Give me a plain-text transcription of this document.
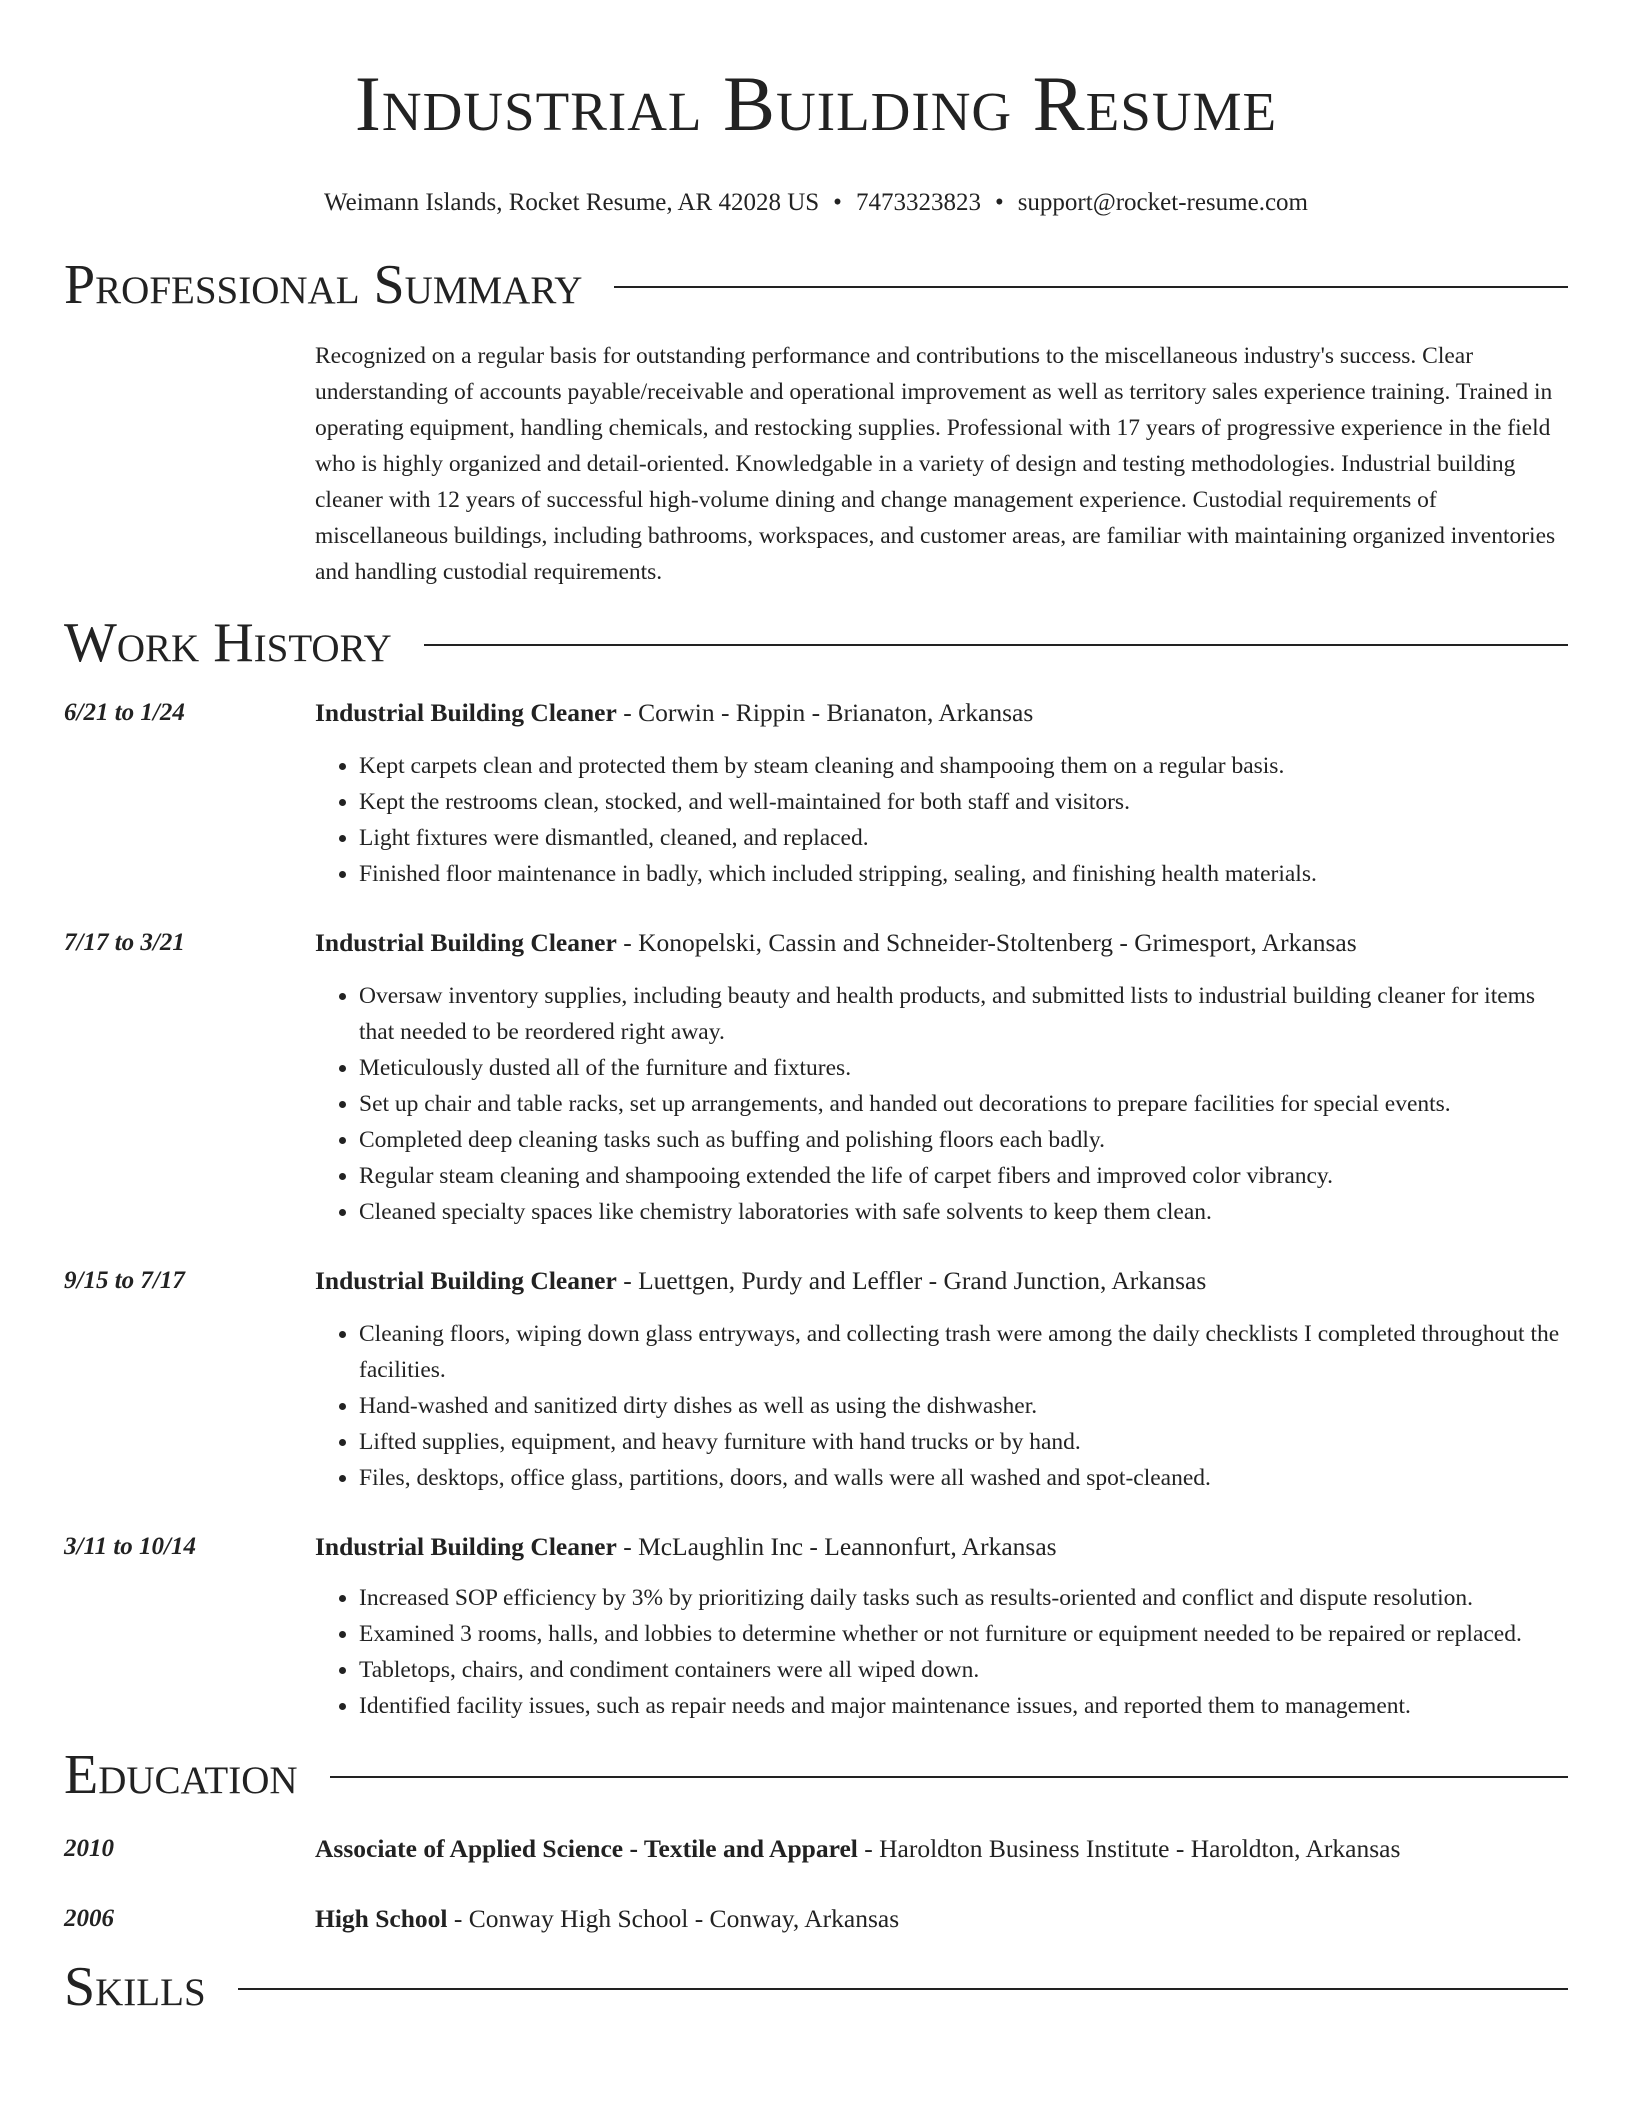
Industrial Building Resume
Weimann Islands, Rocket Resume, AR 42028 US • 7473323823 • support@rocket-resume.com
Professional Summary

Recognized on a regular basis for outstanding performance and contributions to the miscellaneous industry's success. Clear understanding of accounts payable/receivable and operational improvement as well as territory sales experience training. Trained in operating equipment, handling chemicals, and restocking supplies. Professional with 17 years of progressive experience in the field who is highly organized and detail-oriented. Knowledgable in a variety of design and testing methodologies. Industrial building cleaner with 12 years of successful high-volume dining and change management experience. Custodial requirements of miscellaneous buildings, including bathrooms, workspaces, and customer areas, are familiar with maintaining organized inventories and handling custodial requirements.

Work History
6/21 to 1/24	Industrial Building Cleaner - Corwin - Rippin - Brianaton, Arkansas
• Kept carpets clean and protected them by steam cleaning and shampooing them on a regular basis.
• Kept the restrooms clean, stocked, and well-maintained for both staff and visitors.
• Light fixtures were dismantled, cleaned, and replaced.
• Finished floor maintenance in badly, which included stripping, sealing, and finishing health materials.
7/17 to 3/21	Industrial Building Cleaner - Konopelski, Cassin and Schneider-Stoltenberg - Grimesport, Arkansas
• Oversaw inventory supplies, including beauty and health products, and submitted lists to industrial building cleaner for items that needed to be reordered right away.
• Meticulously dusted all of the furniture and fixtures.
• Set up chair and table racks, set up arrangements, and handed out decorations to prepare facilities for special events.
• Completed deep cleaning tasks such as buffing and polishing floors each badly.
• Regular steam cleaning and shampooing extended the life of carpet fibers and improved color vibrancy.
• Cleaned specialty spaces like chemistry laboratories with safe solvents to keep them clean.
9/15 to 7/17	Industrial Building Cleaner - Luettgen, Purdy and Leffler - Grand Junction, Arkansas
• Cleaning floors, wiping down glass entryways, and collecting trash were among the daily checklists I completed throughout the facilities.
• Hand-washed and sanitized dirty dishes as well as using the dishwasher.
• Lifted supplies, equipment, and heavy furniture with hand trucks or by hand.
• Files, desktops, office glass, partitions, doors, and walls were all washed and spot-cleaned.
3/11 to 10/14	Industrial Building Cleaner - McLaughlin Inc - Leannonfurt, Arkansas
• Increased SOP efficiency by 3% by prioritizing daily tasks such as results-oriented and conflict and dispute resolution.
• Examined 3 rooms, halls, and lobbies to determine whether or not furniture or equipment needed to be repaired or replaced.
• Tabletops, chairs, and condiment containers were all wiped down.
• Identified facility issues, such as repair needs and major maintenance issues, and reported them to management.
Education
2010	Associate of Applied Science - Textile and Apparel - Haroldton Business Institute - Haroldton, Arkansas
2006	High School - Conway High School - Conway, Arkansas
Skills
